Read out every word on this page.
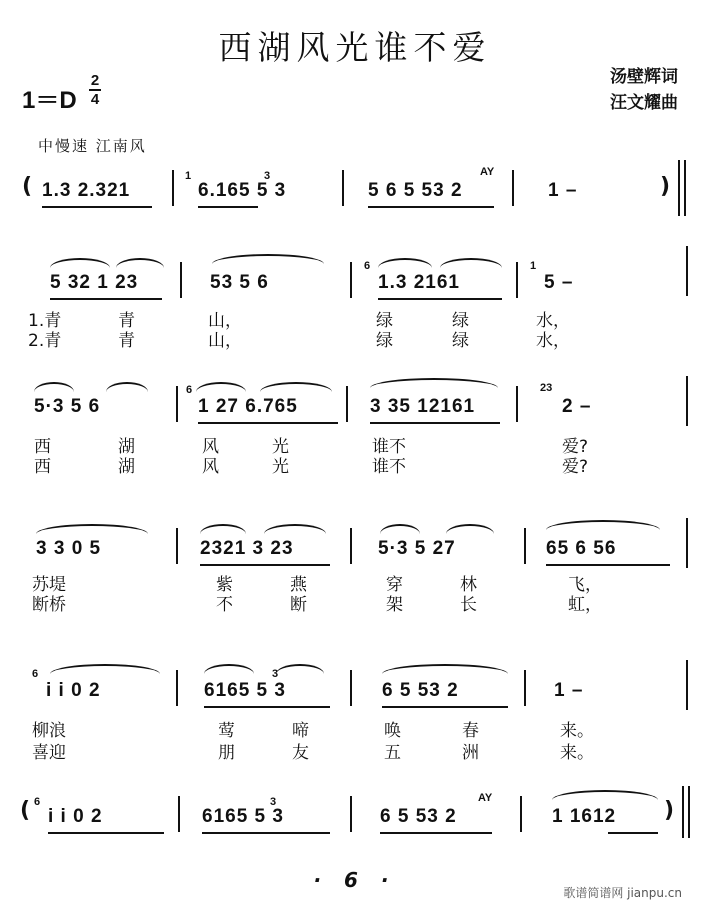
西湖风光谁不爱
汤壁辉词
汪文耀曲
1＝D
2
4
中慢速 江南风
( 1.3 2.321
1
6.165 5 3
3	AY
5 6 5 53 2	1 –	)
5 32 1 23	53 5 6
6
1.3 2161
1
5 –
1.青	青	山，	绿	绿	水，
2.青	青	山，	绿	绿	水，
5·3 5 6
6
1 27 6.765	3 35 12161
23
2 –
西	湖	风	光	谁不	爱?
西	湖	风	光	谁不	爱?
3 3 0 5	2321 3 23	5·3 5 27	65 6 56
苏堤	紫	燕	穿	林	飞，
断桥	不	断	架	长	虹，
6
i i 0 2
3
6165 5 3	6 5 53 2	1 –
柳浪	莺	啼	唤	春	来。
喜迎	朋	友	五	洲	来。
( 6
i i 0 2
3
6165 5 3
AY
6 5 53 2	1 1612 )
· 6 ·
歌谱简谱网 jianpu.cn
